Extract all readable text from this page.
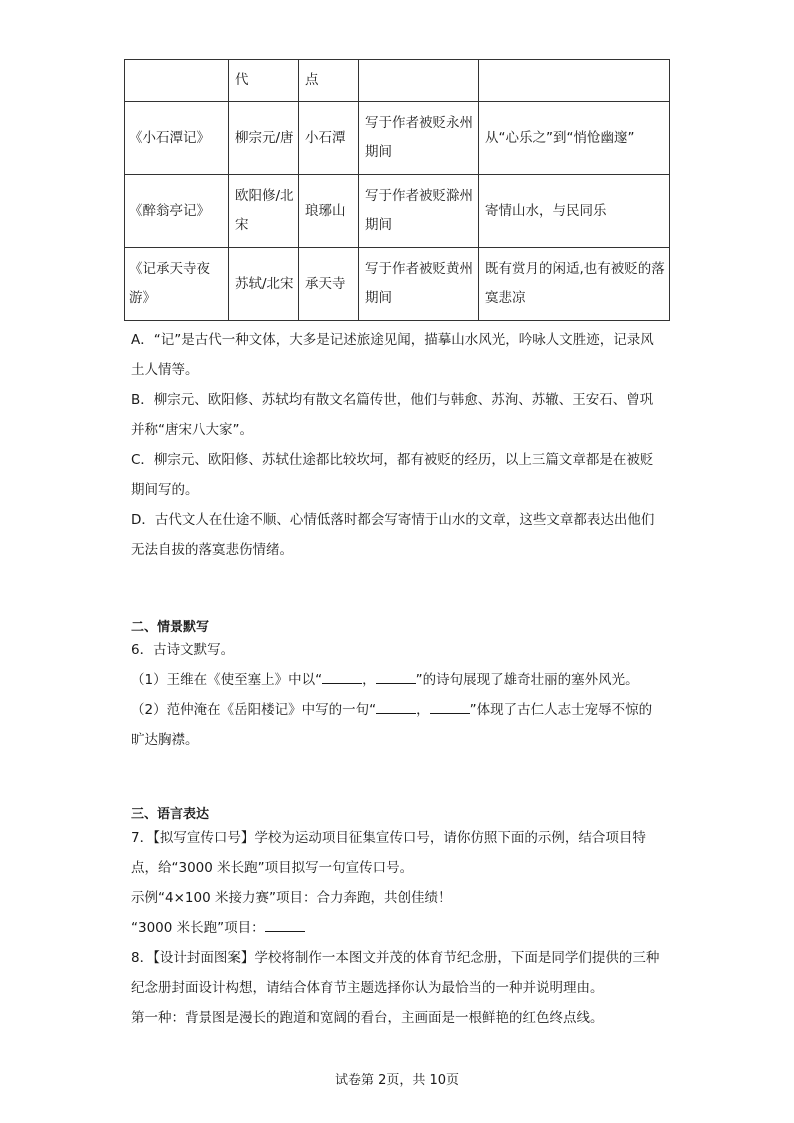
	代	点		
《小石潭记》	柳宗元/唐	小石潭	写于作者被贬永州期间	从“心乐之”到“悄怆幽邃”
《醉翁亭记》	欧阳修/北宋	琅琊山	写于作者被贬滁州期间	寄情山水，与民同乐
《记承天寺夜游》	苏轼/北宋	承天寺	写于作者被贬黄州期间	既有赏月的闲适,也有被贬的落寞悲凉

A．“记”是古代一种文体，大多是记述旅途见闻，描摹山水风光，吟咏人文胜迹，记录风土人情等。

B．柳宗元、欧阳修、苏轼均有散文名篇传世，他们与韩愈、苏洵、苏辙、王安石、曾巩并称“唐宋八大家”。

C．柳宗元、欧阳修、苏轼仕途都比较坎坷，都有被贬的经历，以上三篇文章都是在被贬期间写的。

D．古代文人在仕途不顺、心情低落时都会写寄情于山水的文章，这些文章都表达出他们无法自拔的落寞悲伤情绪。

二、情景默写

6．古诗文默写。

（1）王维在《使至塞上》中以“	，	”的诗句展现了雄奇壮丽的塞外风光。

（2）范仲淹在《岳阳楼记》中写的一句“	，	”体现了古仁人志士宠辱不惊的旷达胸襟。

三、语言表达

7．【拟写宣传口号】学校为运动项目征集宣传口号，请你仿照下面的示例，结合项目特点，给“3000 米长跑”项目拟写一句宣传口号。

示例“4×100 米接力赛”项目：合力奔跑，共创佳绩！

“3000 米长跑”项目：

8．【设计封面图案】学校将制作一本图文并茂的体育节纪念册，下面是同学们提供的三种纪念册封面设计构想，请结合体育节主题选择你认为最恰当的一种并说明理由。

第一种：背景图是漫长的跑道和宽阔的看台，主画面是一根鲜艳的红色终点线。

试卷第 2页，共 10页
